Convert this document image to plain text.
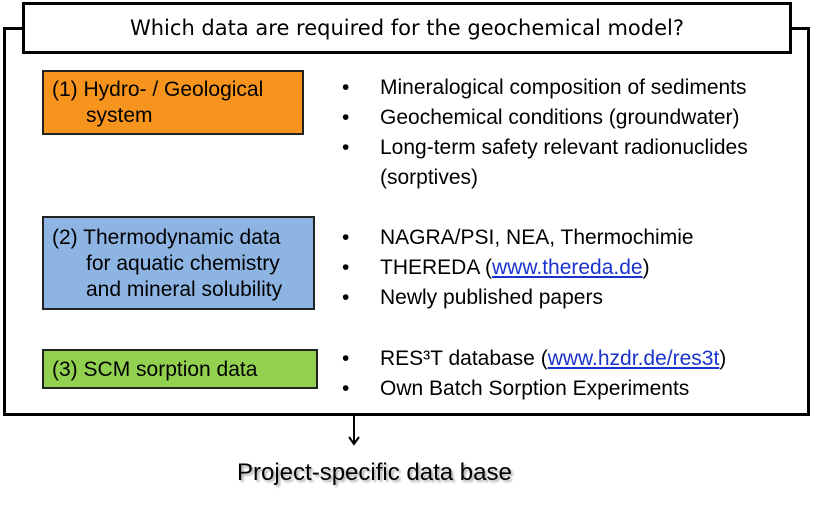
Which data are required for the geochemical model?
(1) Hydro- / Geological
system
(2) Thermodynamic data
for aquatic chemistry
and mineral solubility
(3) SCM sorption data
• Mineralogical composition of sediments
• Geochemical conditions (groundwater)
• Long-term safety relevant radionuclides
(sorptives)
• NAGRA/PSI, NEA, Thermochimie
• THEREDA (www.thereda.de)
• Newly published papers
• RES³T database (www.hzdr.de/res3t)
• Own Batch Sorption Experiments
Project-specific data base
